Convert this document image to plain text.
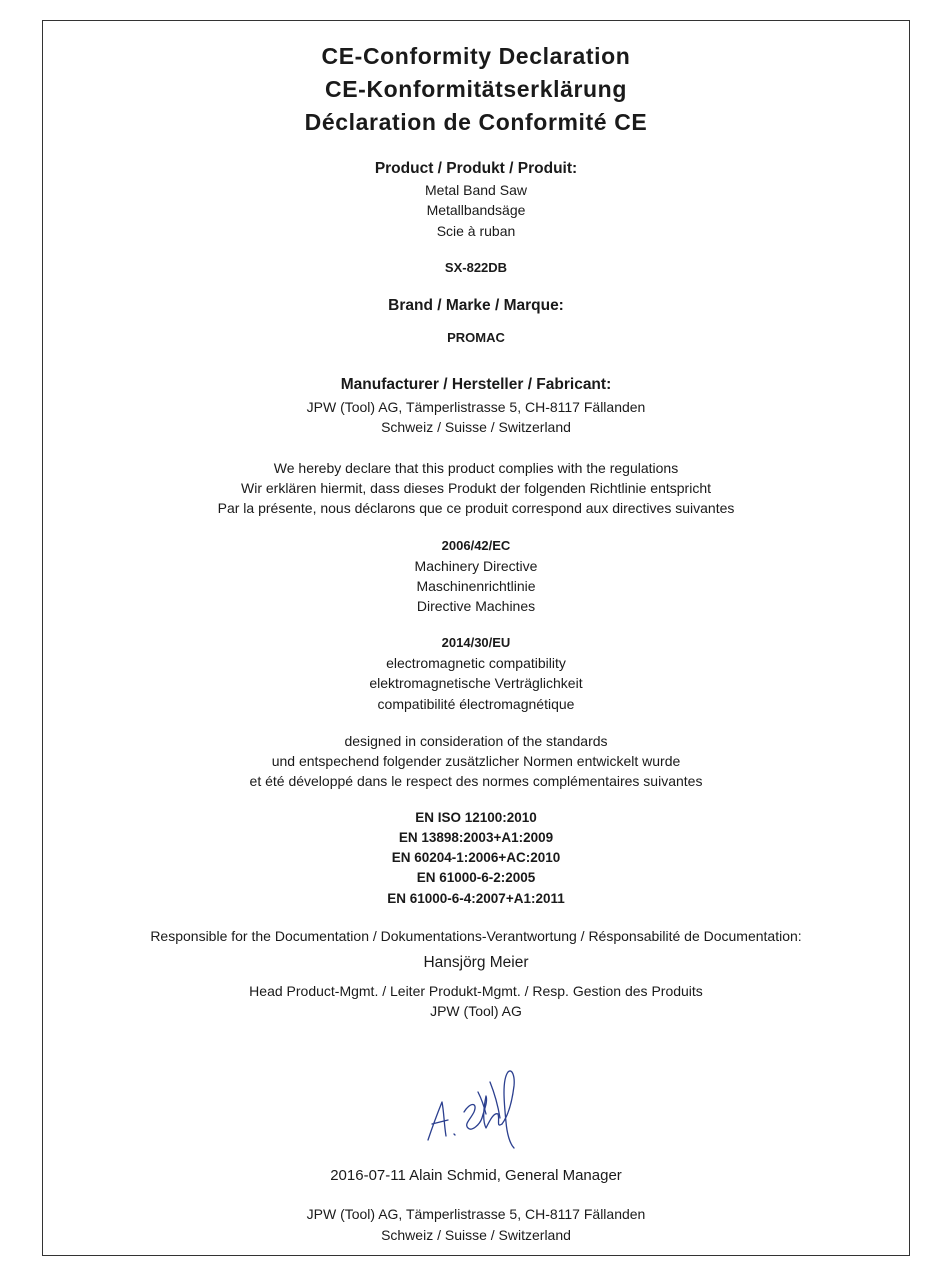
CE-Conformity Declaration
CE-Konformitätserklärung
Déclaration de Conformité CE
Product / Produkt / Produit:
Metal Band Saw
Metallbandsäge
Scie à ruban
SX-822DB
Brand / Marke / Marque:
PROMAC
Manufacturer / Hersteller / Fabricant:
JPW (Tool) AG, Tämperlistrasse 5, CH-8117 Fällanden
Schweiz / Suisse / Switzerland
We hereby declare that this product complies with the regulations
Wir erklären hiermit, dass dieses Produkt der folgenden Richtlinie entspricht
Par la présente, nous déclarons que ce produit correspond aux directives suivantes
2006/42/EC
Machinery Directive
Maschinenrichtlinie
Directive Machines
2014/30/EU
electromagnetic compatibility
elektromagnetische Verträglichkeit
compatibilité électromagnétique
designed in consideration of the standards
und entspechend folgender zusätzlicher Normen entwickelt wurde
et été développé dans le respect des normes complémentaires suivantes
EN ISO 12100:2010
EN 13898:2003+A1:2009
EN 60204-1:2006+AC:2010
EN 61000-6-2:2005
EN 61000-6-4:2007+A1:2011
Responsible for the Documentation / Dokumentations-Verantwortung / Résponsabilité de Documentation:
Hansjörg Meier
Head Product-Mgmt. / Leiter Produkt-Mgmt. / Resp. Gestion des Produits
JPW (Tool) AG
2016-07-11 Alain Schmid, General Manager
JPW (Tool) AG, Tämperlistrasse 5, CH-8117 Fällanden
Schweiz / Suisse / Switzerland
